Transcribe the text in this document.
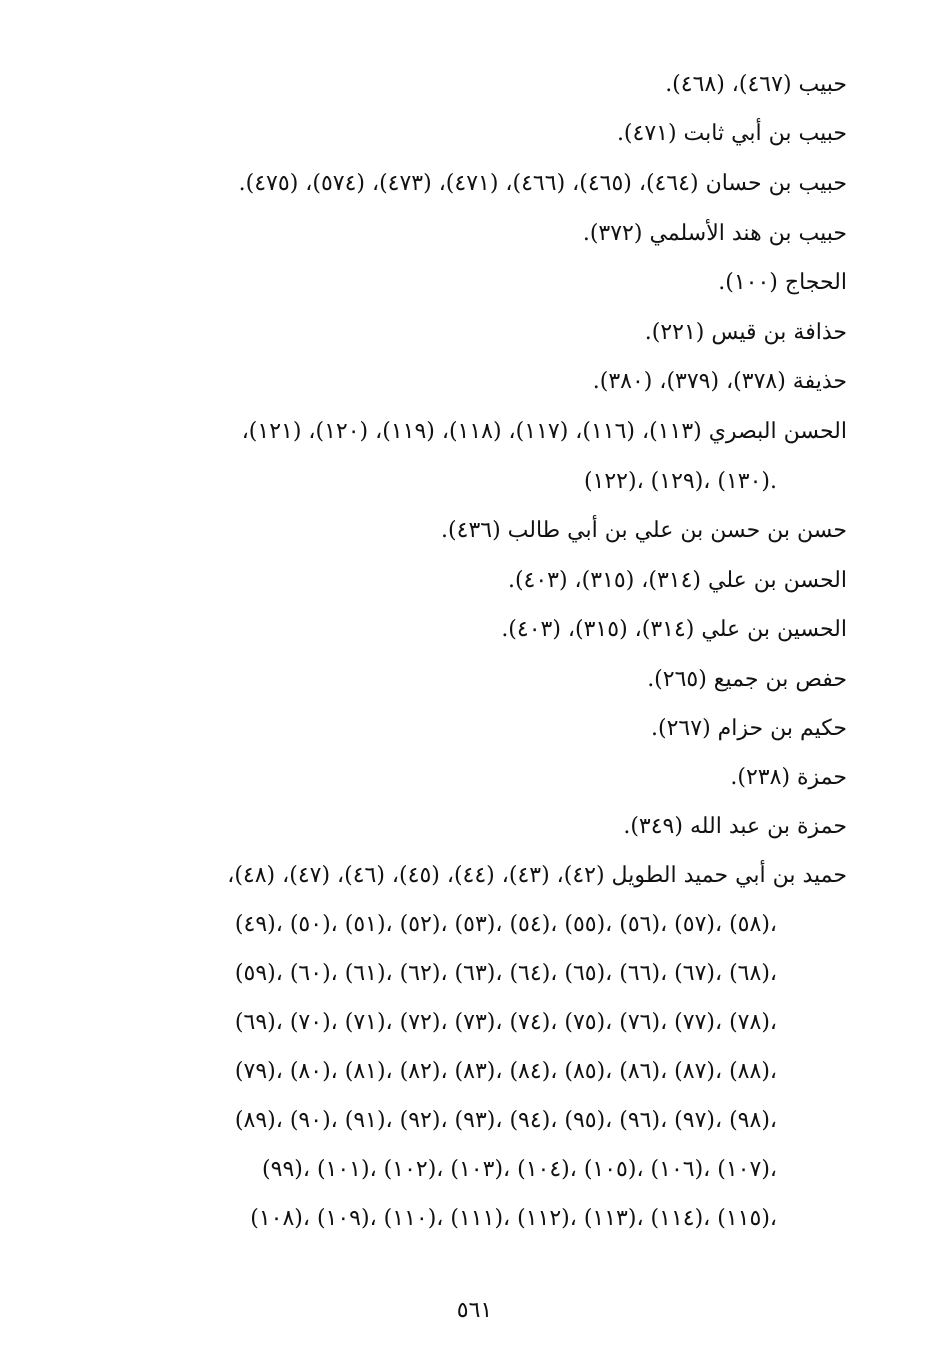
حبيب (٤٦٧)، (٤٦٨).
حبيب بن أبي ثابت (٤٧١).
حبيب بن حسان (٤٦٤)، (٤٦٥)، (٤٦٦)، (٤٧١)، (٤٧٣)، (٥٧٤)، (٤٧٥).
حبيب بن هند الأسلمي (٣٧٢).
الحجاج (١٠٠).
حذافة بن قيس (٢٢١).
حذيفة (٣٧٨)، (٣٧٩)، (٣٨٠).
الحسن البصري (١١٣)، (١١٦)، (١١٧)، (١١٨)، (١١٩)، (١٢٠)، (١٢١)،
(١٢٢)، (١٢٩)، (١٣٠).
حسن بن حسن بن علي بن أبي طالب (٤٣٦).
الحسن بن علي (٣١٤)، (٣١٥)، (٤٠٣).
الحسين بن علي (٣١٤)، (٣١٥)، (٤٠٣).
حفص بن جميع (٢٦٥).
حكيم بن حزام (٢٦٧).
حمزة (٢٣٨).
حمزة بن عبد الله (٣٤٩).
حميد بن أبي حميد الطويل (٤٢)، (٤٣)، (٤٤)، (٤٥)، (٤٦)، (٤٧)، (٤٨)،
(٤٩)، (٥٠)، (٥١)، (٥٢)، (٥٣)، (٥٤)، (٥٥)، (٥٦)، (٥٧)، (٥٨)،
(٥٩)، (٦٠)، (٦١)، (٦٢)، (٦٣)، (٦٤)، (٦٥)، (٦٦)، (٦٧)، (٦٨)،
(٦٩)، (٧٠)، (٧١)، (٧٢)، (٧٣)، (٧٤)، (٧٥)، (٧٦)، (٧٧)، (٧٨)،
(٧٩)، (٨٠)، (٨١)، (٨٢)، (٨٣)، (٨٤)، (٨٥)، (٨٦)، (٨٧)، (٨٨)،
(٨٩)، (٩٠)، (٩١)، (٩٢)، (٩٣)، (٩٤)، (٩٥)، (٩٦)، (٩٧)، (٩٨)،
(٩٩)، (١٠١)، (١٠٢)، (١٠٣)، (١٠٤)، (١٠٥)، (١٠٦)، (١٠٧)،
(١٠٨)، (١٠٩)، (١١٠)، (١١١)، (١١٢)، (١١٣)، (١١٤)، (١١٥)،
٥٦١
